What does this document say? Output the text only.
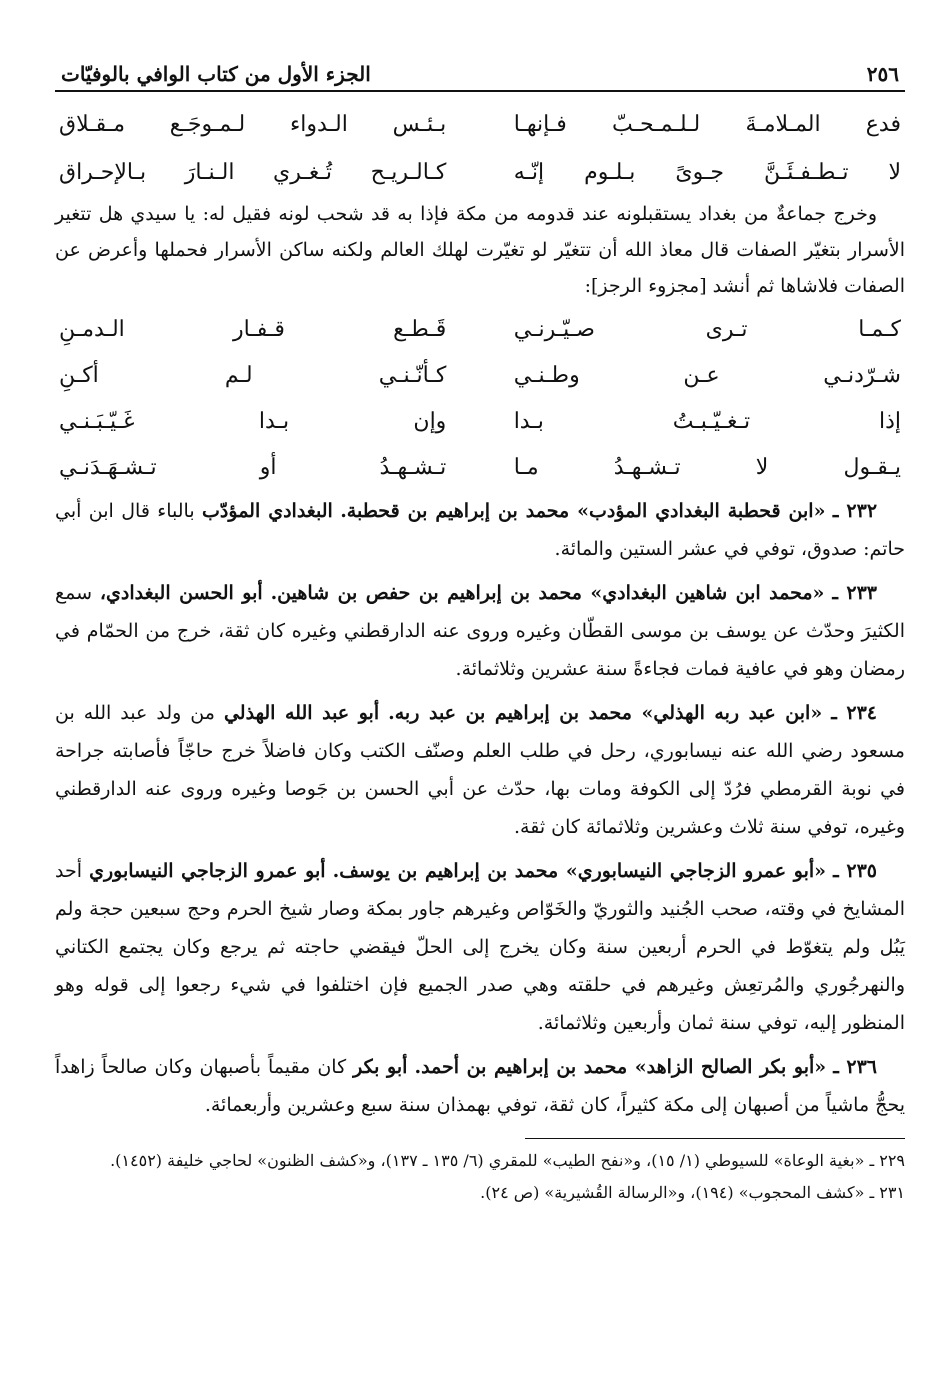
٢٥٦
الجزء الأول من كتاب الوافي بالوفيّات
فدع المـلامـةَ لـلـمـحـبّ فـإنهـا
بـئـس الـدواء لـمـوجَـع مـقـلاق
لا تـطـفـئَـنَّ جـوىً بـلـوم إنّـه
كـالـريـح تُـغـري الـنـارَ بـالإحـراق

وخرج جماعةٌ من بغداد يستقبلونه عند قدومه من مكة فإذا به قد شحب لونه فقيل له: يا سيدي هل تتغير الأسرار بتغيّر الصفات قال معاذ الله أن تتغيّر لو تغيّرت لهلك العالم ولكنه ساكن الأسرار فحملها وأعرض عن الصفات فلاشاها ثم أنشد [مجزوء الرجز]:

كـمـا تـرى صـيّـرنـي
قَـطـع قـفـار الـدمـنِ
شـرّدنـي عـن وطـنـي
كـأنّـنـي لـم أكـنِ
إذا تـغـيّـبـتُ بـدا
وإن بـدا غَـيّـبَـنـي
يـقـول لا تـشـهـدُ مـا
تـشـهـدُ أو تـشـهَـدَنـي

٢٣٢ ـ «ابن قحطبة البغدادي المؤدب» محمد بن إبراهيم بن قحطبة. البغدادي المؤدّب بالباء قال ابن أبي حاتم: صدوق، توفي في عشر الستين والمائة.

٢٣٣ ـ «محمد ابن شاهين البغدادي» محمد بن إبراهيم بن حفص بن شاهين. أبو الحسن البغدادي، سمع الكثيرَ وحدّث عن يوسف بن موسى القطّان وغيره وروى عنه الدارقطني وغيره كان ثقة، خرج من الحمّام في رمضان وهو في عافية فمات فجاءةً سنة عشرين وثلاثمائة.

٢٣٤ ـ «ابن عبد ربه الهذلي» محمد بن إبراهيم بن عبد ربه. أبو عبد الله الهذلي من ولد عبد الله بن مسعود رضي الله عنه نيسابوري، رحل في طلب العلم وصنّف الكتب وكان فاضلاً خرج حاجّاً فأصابته جراحة في نوبة القرمطي فرُدّ إلى الكوفة ومات بها، حدّث عن أبي الحسن بن جَوصا وغيره وروى عنه الدارقطني وغيره، توفي سنة ثلاث وعشرين وثلاثمائة كان ثقة.

٢٣٥ ـ «أبو عمرو الزجاجي النيسابوري» محمد بن إبراهيم بن يوسف. أبو عمرو الزجاجي النيسابوري أحد المشايخ في وقته، صحب الجُنيد والثوريّ والخَوّاص وغيرهم جاور بمكة وصار شيخ الحرم وحج سبعين حجة ولم يَبُل ولم يتغوّط في الحرم أربعين سنة وكان يخرج إلى الحلّ فيقضي حاجته ثم يرجع وكان يجتمع الكتاني والنهرجُوري والمُرتعِش وغيرهم في حلقته وهي صدر الجميع فإن اختلفوا في شيء رجعوا إلى قوله وهو المنظور إليه، توفي سنة ثمان وأربعين وثلاثمائة.

٢٣٦ ـ «أبو بكر الصالح الزاهد» محمد بن إبراهيم بن أحمد. أبو بكر كان مقيماً بأصبهان وكان صالحاً زاهداً يحجُّ ماشياً من أصبهان إلى مكة كثيراً، كان ثقة، توفي بهمذان سنة سبع وعشرين وأربعمائة.

٢٢٩ ـ «بغية الوعاة» للسيوطي (١/ ١٥)، و«نفح الطيب» للمقري (٦/ ١٣٥ ـ ١٣٧)، و«كشف الظنون» لحاجي خليفة (١٤٥٢).

٢٣١ ـ «كشف المحجوب» (١٩٤)، و«الرسالة القُشيرية» (ص ٢٤).
